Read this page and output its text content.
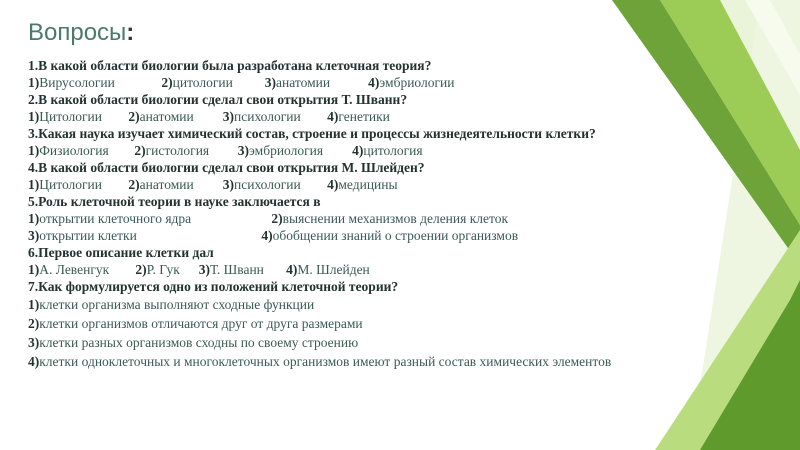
Вопросы:
1.В какой области биологии была разработана клеточная теория?
1)Вирусологии	2)цитологии 3)анатомии	4)эмбриологии
2.В какой области биологии сделал свои открытия Т. Шванн?
1)Цитологии 2)анатомии 3)психологии 4)генетики
3.Какая наука изучает химический состав, строение и процессы жизнедеятельности клетки?
1)Физиология 2)гистология 3)эмбриология 4)цитология
4.В какой области биологии сделал свои открытия М. Шлейден?
1)Цитологии 2)анатомии 3)психологии 4)медицины
5.Роль клеточной теории в науке заключается в
1)открытии клеточного ядра	2)выяснении механизмов деления клеток
3)открытии клетки	4)обобщении знаний о строении организмов
6.Первое описание клетки дал
1)А. Левенгук 2)Р. Гук 3)Т. Шванн 4)М. Шлейден
7.Как формулируется одно из положений клеточной теории?
1)клетки организма выполняют сходные функции
2)клетки организмов отличаются друг от друга размерами
3)клетки разных организмов сходны по своему строению
4)клетки одноклеточных и многоклеточных организмов имеют разный состав химических элементов
